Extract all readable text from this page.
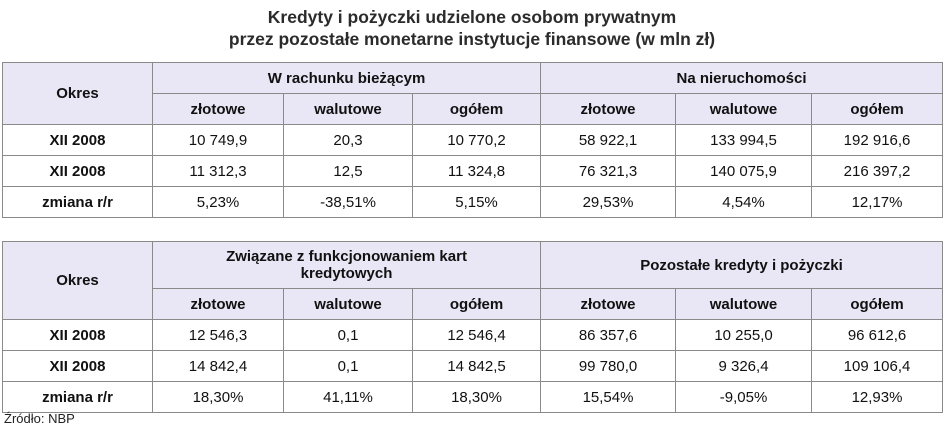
Kredyty i pożyczki udzielone osobom prywatnym
przez pozostałe monetarne instytucje finansowe (w mln zł)
Okres	W rachunku bieżącym			Na nieruchomości		
	złotowe	walutowe	ogółem	złotowe	walutowe	ogółem
XII 2008	10 749,9	20,3	10 770,2	58 922,1	133 994,5	192 916,6
XII 2008	11 312,3	12,5	11 324,8	76 321,3	140 075,9	216 397,2
zmiana r/r	5,23%	-38,51%	5,15%	29,53%	4,54%	12,17%
Okres	Związane z funkcjonowaniem kart kredytowych			Pozostałe kredyty i pożyczki		
	złotowe	walutowe	ogółem	złotowe	walutowe	ogółem
XII 2008	12 546,3	0,1	12 546,4	86 357,6	10 255,0	96 612,6
XII 2008	14 842,4	0,1	14 842,5	99 780,0	9 326,4	109 106,4
zmiana r/r	18,30%	41,11%	18,30%	15,54%	-9,05%	12,93%
Źródło: NBP
